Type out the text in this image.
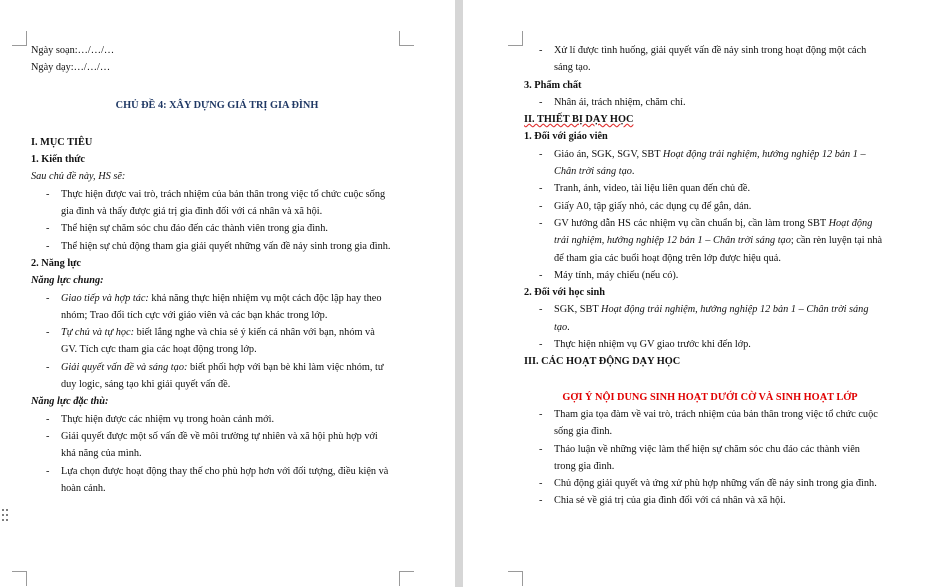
Ngày soạn:…/…/…
Ngày dạy:…/…/…
CHỦ ĐỀ 4: XÂY DỰNG GIÁ TRỊ GIA ĐÌNH
I. MỤC TIÊU
1. Kiến thức
Sau chủ đề này, HS sẽ:
- Thực hiện được vai trò, trách nhiệm của bản thân trong việc tổ chức cuộc sống
gia đình và thấy được giá trị gia đình đối với cá nhân và xã hội.
- Thể hiện sự chăm sóc chu đáo đến các thành viên trong gia đình.
- Thể hiện sự chủ động tham gia giải quyết những vấn đề nảy sinh trong gia đình.
2. Năng lực
Năng lực chung:
- Giao tiếp và hợp tác: khả năng thực hiện nhiệm vụ một cách độc lập hay theo
nhóm; Trao đổi tích cực với giáo viên và các bạn khác trong lớp.
- Tự chủ và tự học: biết lắng nghe và chia sẻ ý kiến cá nhân với bạn, nhóm và
GV. Tích cực tham gia các hoạt động trong lớp.
- Giải quyết vấn đề và sáng tạo: biết phối hợp với bạn bè khi làm việc nhóm, tư
duy logic, sáng tạo khi giải quyết vấn đề.
Năng lực đặc thù:
- Thực hiện được các nhiệm vụ trong hoàn cảnh mới.
- Giải quyết được một số vấn đề về môi trường tự nhiên và xã hội phù hợp với
khả năng của mình.
- Lựa chọn được hoạt động thay thế cho phù hợp hơn với đối tượng, điều kiện và
hoàn cảnh.
- Xử lí được tình huống, giải quyết vấn đề nảy sinh trong hoạt động một cách
sáng tạo.
3. Phẩm chất
- Nhân ái, trách nhiệm, chăm chỉ.
II. THIẾT BỊ DẠY HỌC
1. Đối với giáo viên
- Giáo án, SGK, SGV, SBT Hoạt động trải nghiệm, hướng nghiệp 12 bản 1 –
Chân trời sáng tạo.
- Tranh, ảnh, video, tài liệu liên quan đến chủ đề.
- Giấy A0, tập giấy nhỏ, các dụng cụ để gắn, dán.
- GV hướng dẫn HS các nhiệm vụ cần chuẩn bị, cần làm trong SBT Hoạt động
trải nghiệm, hướng nghiệp 12 bản 1 – Chân trời sáng tạo; cần rèn luyện tại nhà
để tham gia các buổi hoạt động trên lớp được hiệu quả.
- Máy tính, máy chiếu (nếu có).
2. Đối với học sinh
- SGK, SBT Hoạt động trải nghiệm, hướng nghiệp 12 bản 1 – Chân trời sáng
tạo.
- Thực hiện nhiệm vụ GV giao trước khi đến lớp.
III. CÁC HOẠT ĐỘNG DẠY HỌC
GỢI Ý NỘI DUNG SINH HOẠT DƯỚI CỜ VÀ SINH HOẠT LỚP
- Tham gia tọa đàm về vai trò, trách nhiệm của bản thân trong việc tổ chức cuộc
sống gia đình.
- Thảo luận về những việc làm thể hiện sự chăm sóc chu đáo các thành viên
trong gia đình.
- Chủ động giải quyết và ứng xử phù hợp những vấn đề nảy sinh trong gia đình.
- Chia sẻ về giá trị của gia đình đối với cá nhân và xã hội.
